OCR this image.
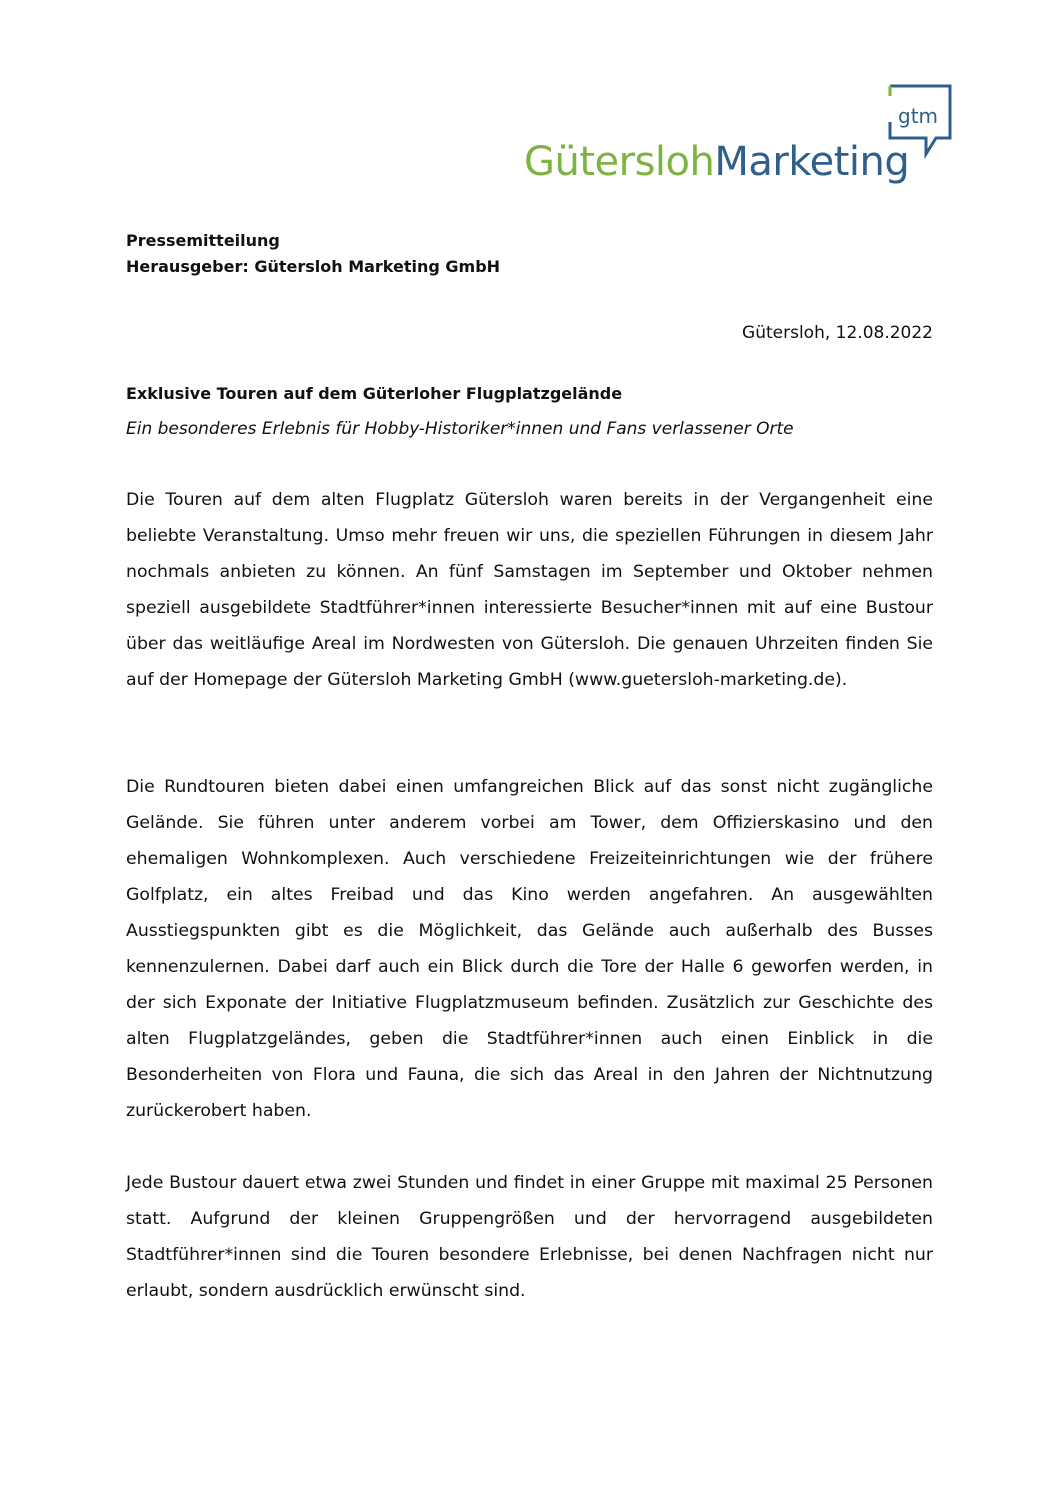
gtm
GüterslohMarketing

Pressemitteilung

Herausgeber: Gütersloh Marketing GmbH

Gütersloh, 12.08.2022
Exklusive Touren auf dem Güterloher Flugplatzgelände
Ein besonderes Erlebnis für Hobby-Historiker*innen und Fans verlassener Orte

Die Touren auf dem alten Flugplatz Gütersloh waren bereits in der Vergangenheit eine beliebte Veranstaltung. Umso mehr freuen wir uns, die speziellen Führungen in diesem Jahr nochmals anbieten zu können. An fünf Samstagen im September und Oktober nehmen speziell ausgebildete Stadtführer*innen interessierte Besucher*innen mit auf eine Bustour über das weitläufige Areal im Nordwesten von Gütersloh. Die genauen Uhrzeiten finden Sie auf der Homepage der Gütersloh Marketing GmbH (www.guetersloh-marketing.de).

Die Rundtouren bieten dabei einen umfangreichen Blick auf das sonst nicht zugängliche Gelände. Sie führen unter anderem vorbei am Tower, dem Offizierskasino und den ehemaligen Wohnkomplexen. Auch verschiedene Freizeiteinrichtungen wie der frühere Golfplatz, ein altes Freibad und das Kino werden angefahren. An ausgewählten Ausstiegspunkten gibt es die Möglichkeit, das Gelände auch außerhalb des Busses kennenzulernen. Dabei darf auch ein Blick durch die Tore der Halle 6 geworfen werden, in der sich Exponate der Initiative Flugplatzmuseum befinden. Zusätzlich zur Geschichte des alten Flugplatzgeländes, geben die Stadtführer*innen auch einen Einblick in die Besonderheiten von Flora und Fauna, die sich das Areal in den Jahren der Nichtnutzung zurückerobert haben.

Jede Bustour dauert etwa zwei Stunden und findet in einer Gruppe mit maximal 25 Personen statt. Aufgrund der kleinen Gruppengrößen und der hervorragend ausgebildeten Stadtführer*innen sind die Touren besondere Erlebnisse, bei denen Nachfragen nicht nur erlaubt, sondern ausdrücklich erwünscht sind.
